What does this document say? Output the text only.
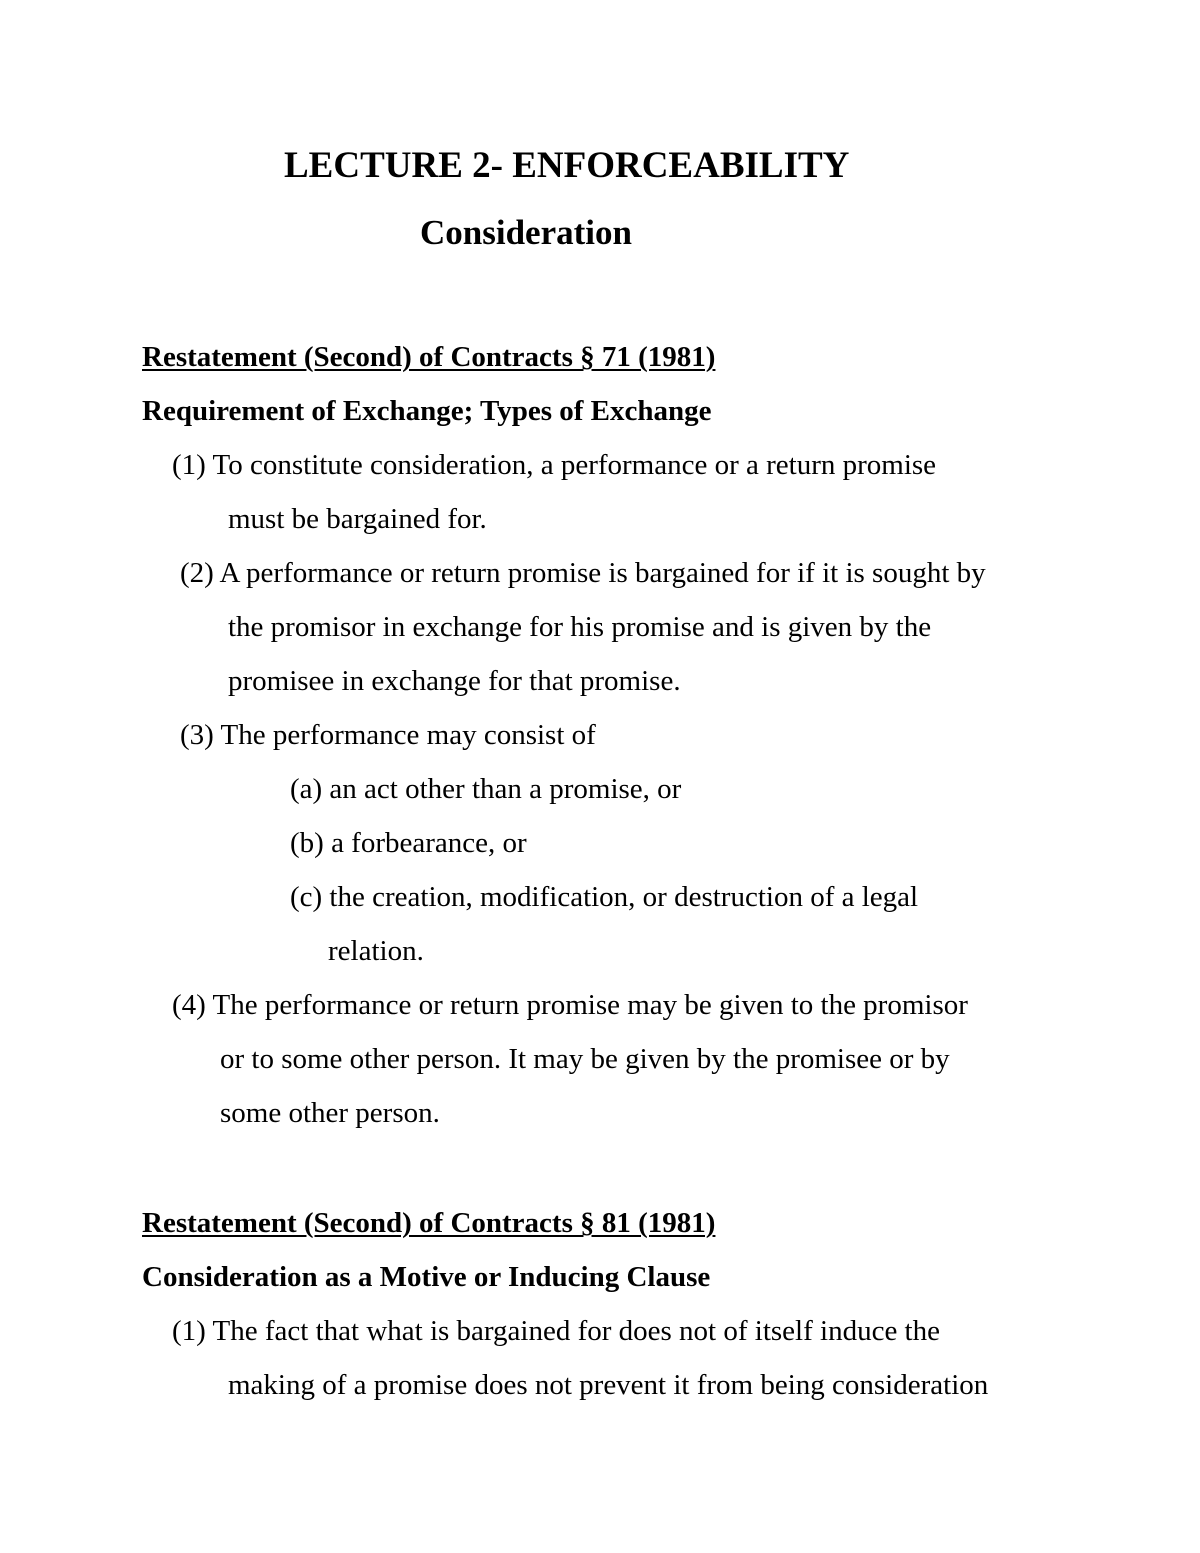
LECTURE 2- ENFORCEABILITY
Consideration
Restatement (Second) of Contracts § 71 (1981)
Requirement of Exchange; Types of Exchange
(1) To constitute consideration, a performance or a return promise
must be bargained for.
(2) A performance or return promise is bargained for if it is sought by
the promisor in exchange for his promise and is given by the
promisee in exchange for that promise.
(3) The performance may consist of
(a) an act other than a promise, or
(b) a forbearance, or
(c) the creation, modification, or destruction of a legal
relation.
(4) The performance or return promise may be given to the promisor
or to some other person. It may be given by the promisee or by
some other person.
Restatement (Second) of Contracts § 81 (1981)
Consideration as a Motive or Inducing Clause
(1) The fact that what is bargained for does not of itself induce the
making of a promise does not prevent it from being consideration
